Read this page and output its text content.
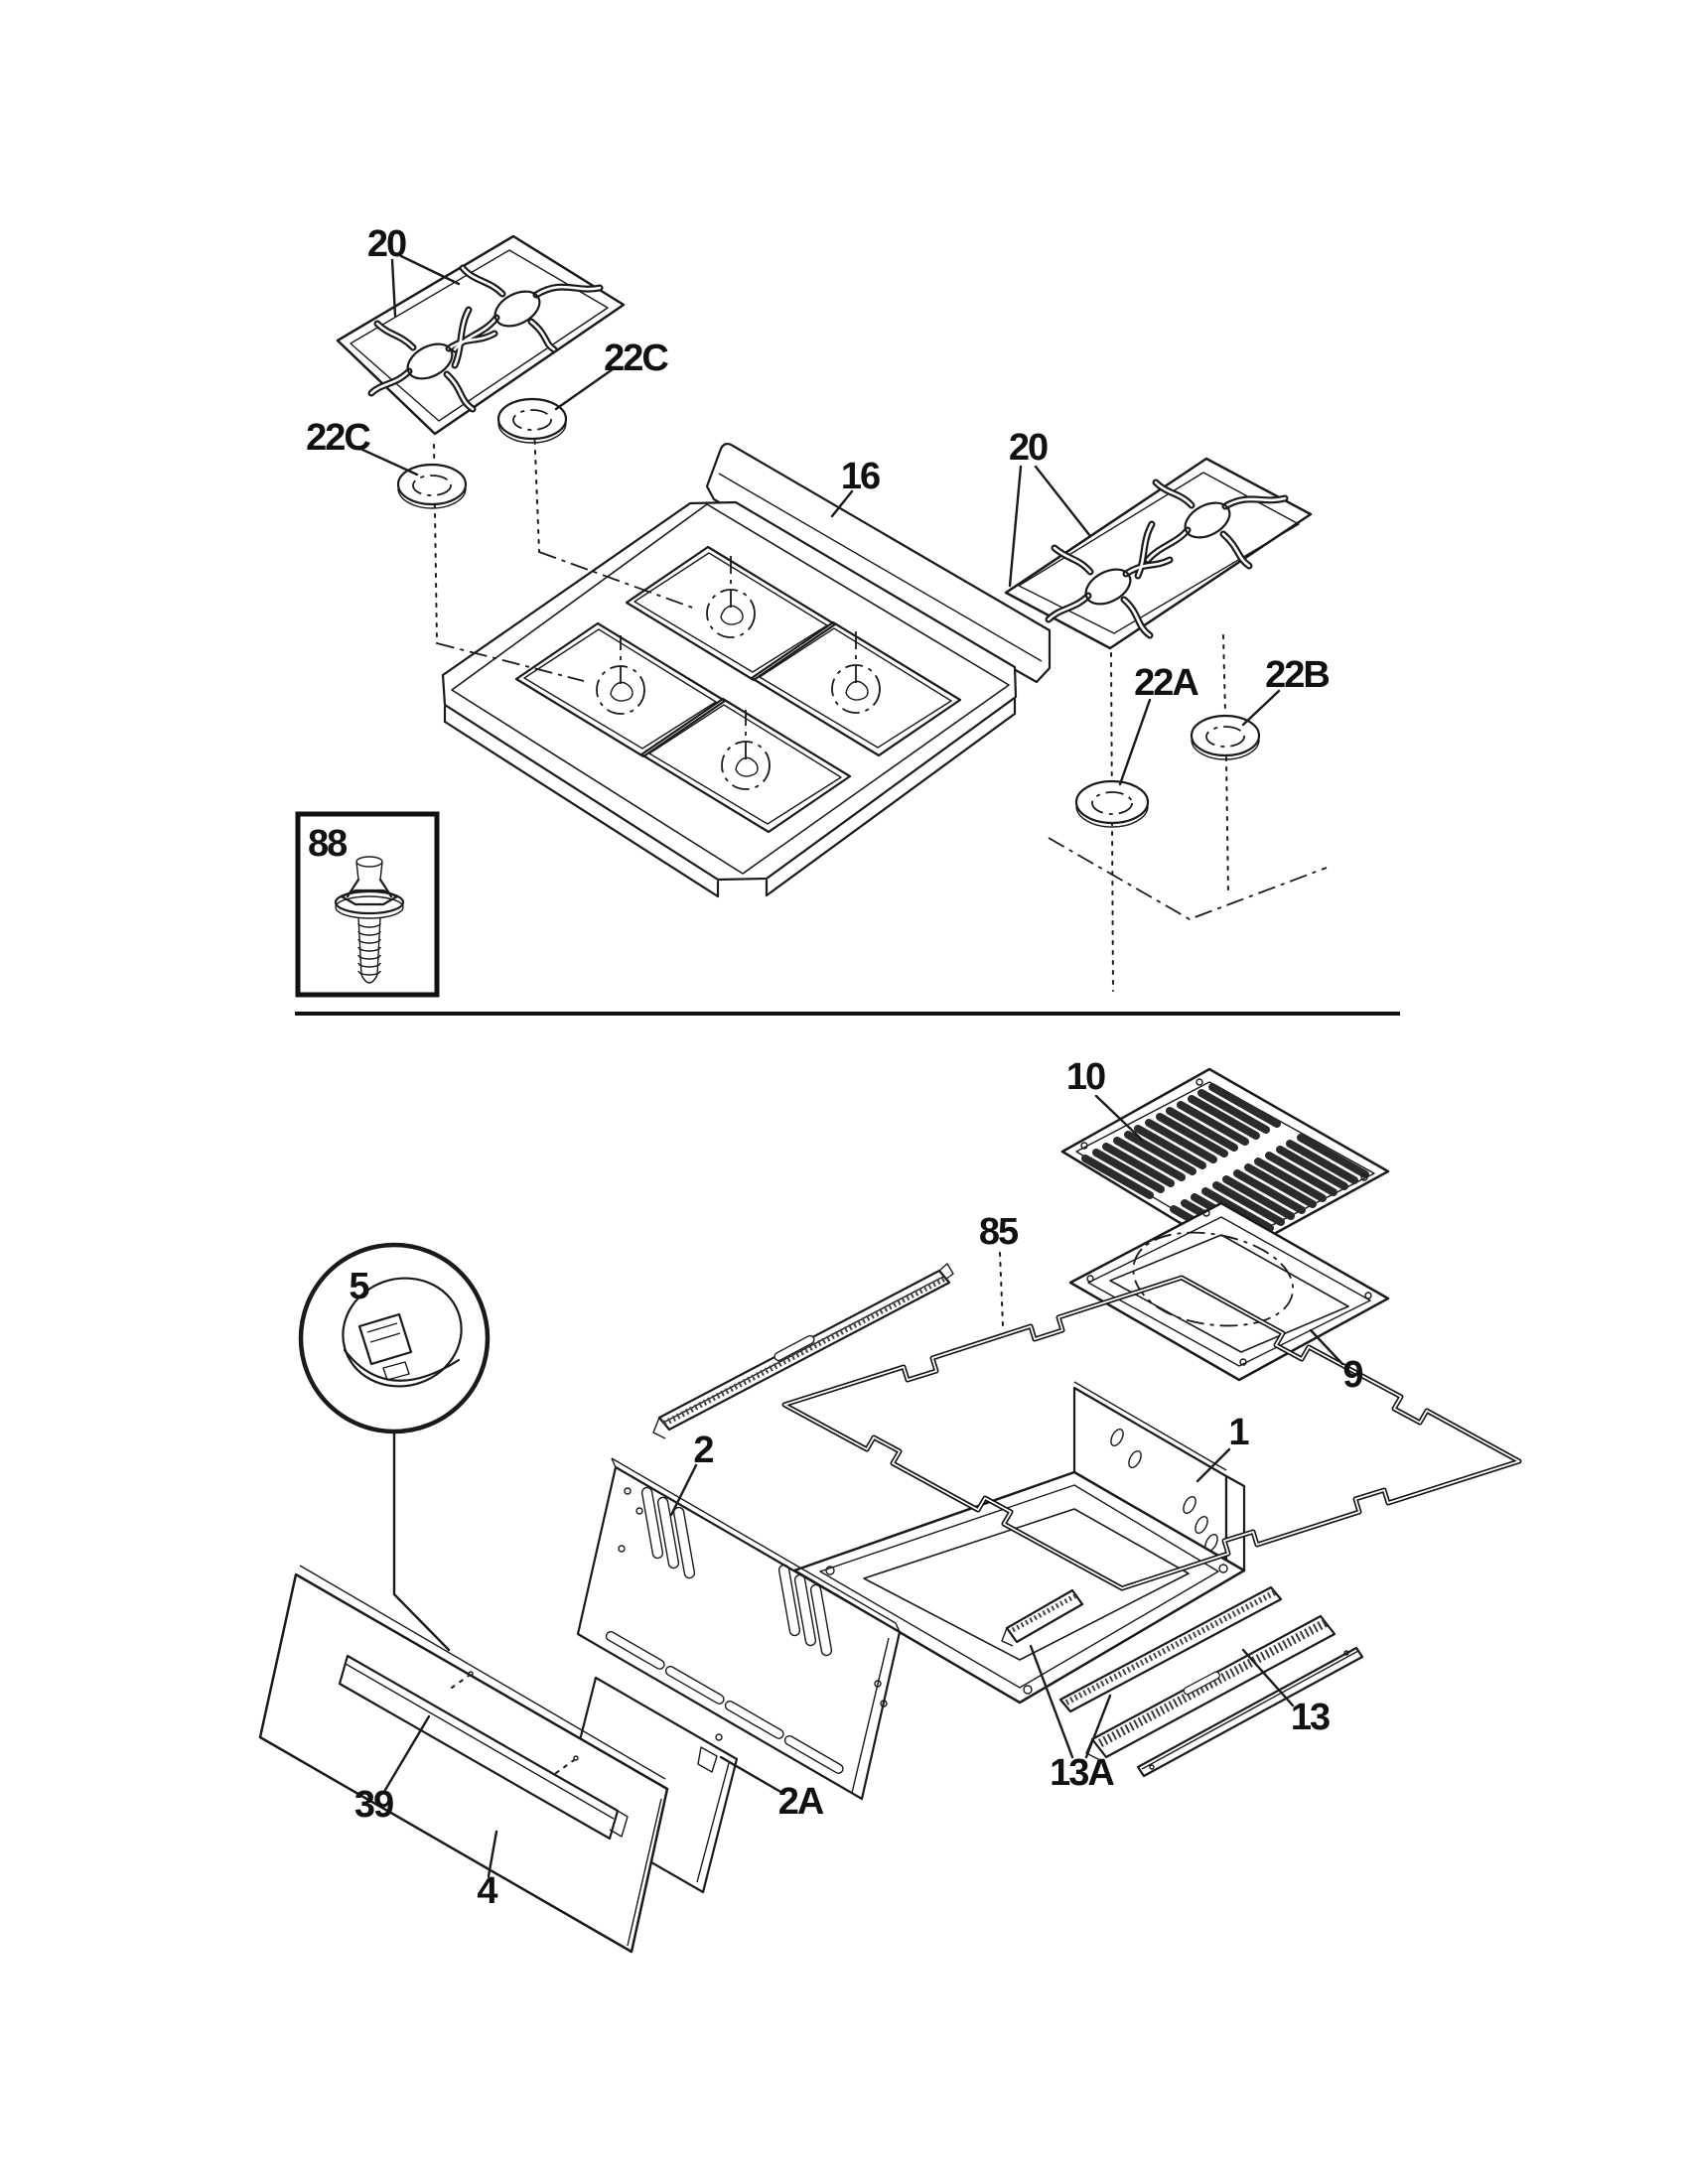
20
22C
22C
16
20
22A 22B
88
10
85
9
5
2
2A
1
39
4
13
13A
